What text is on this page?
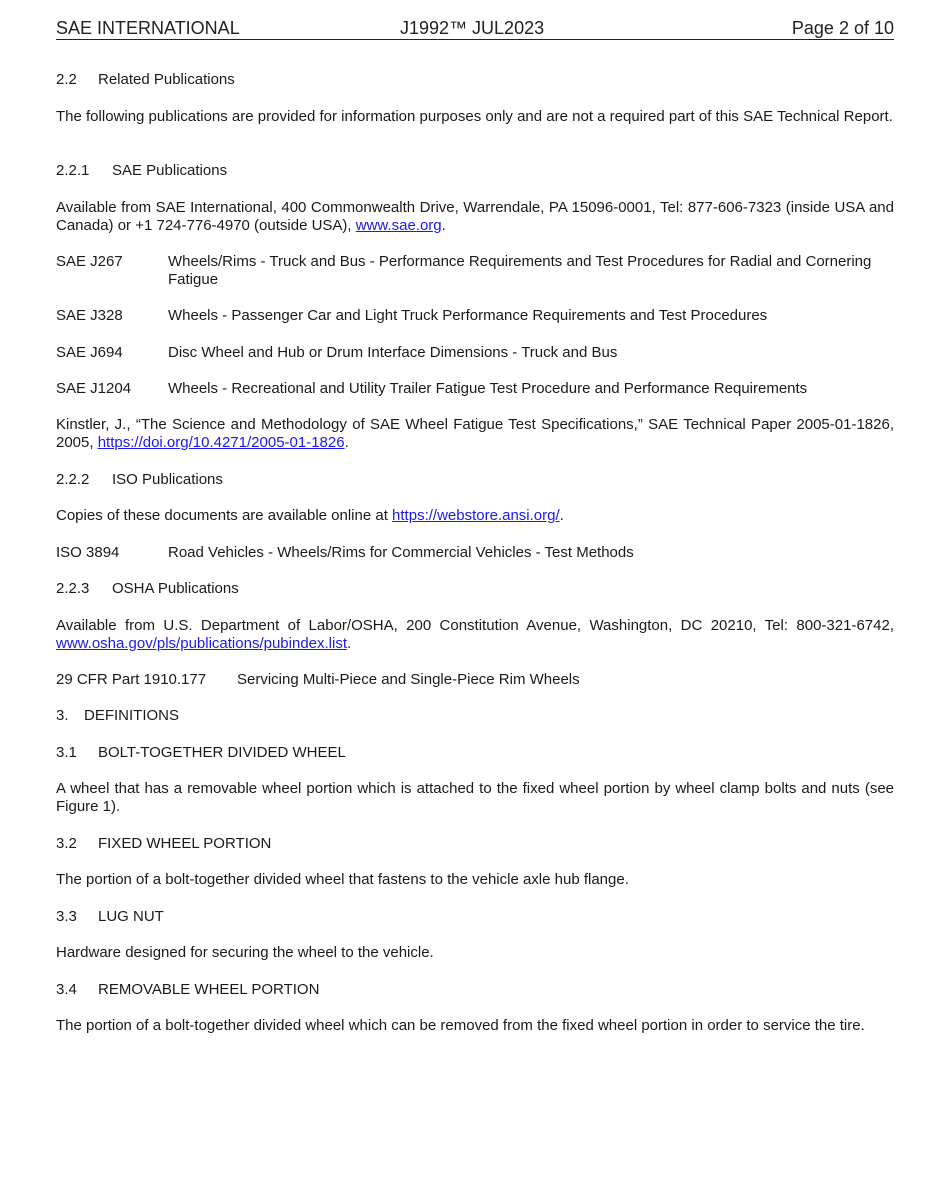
SAE INTERNATIONAL	J1992™ JUL2023	Page 2 of 10
2.2 Related Publications
The following publications are provided for information purposes only and are not a required part of this SAE Technical Report.
2.2.1 SAE Publications
Available from SAE International, 400 Commonwealth Drive, Warrendale, PA 15096-0001, Tel: 877-606-7323 (inside USA and Canada) or +1 724-776-4970 (outside USA), www.sae.org.
SAE J267	Wheels/Rims - Truck and Bus - Performance Requirements and Test Procedures for Radial and Cornering Fatigue
SAE J328	Wheels - Passenger Car and Light Truck Performance Requirements and Test Procedures
SAE J694	Disc Wheel and Hub or Drum Interface Dimensions - Truck and Bus
SAE J1204	Wheels - Recreational and Utility Trailer Fatigue Test Procedure and Performance Requirements
Kinstler, J., “The Science and Methodology of SAE Wheel Fatigue Test Specifications,” SAE Technical Paper 2005-01-1826, 2005, https://doi.org/10.4271/2005-01-1826.
2.2.2 ISO Publications
Copies of these documents are available online at https://webstore.ansi.org/.
ISO 3894	Road Vehicles - Wheels/Rims for Commercial Vehicles - Test Methods
2.2.3 OSHA Publications
Available from U.S. Department of Labor/OSHA, 200 Constitution Avenue, Washington, DC 20210, Tel: 800-321-6742, www.osha.gov/pls/publications/pubindex.list.
29 CFR Part 1910.177	Servicing Multi-Piece and Single-Piece Rim Wheels
3. DEFINITIONS
3.1 BOLT-TOGETHER DIVIDED WHEEL
A wheel that has a removable wheel portion which is attached to the fixed wheel portion by wheel clamp bolts and nuts (see Figure 1).
3.2 FIXED WHEEL PORTION
The portion of a bolt-together divided wheel that fastens to the vehicle axle hub flange.
3.3 LUG NUT
Hardware designed for securing the wheel to the vehicle.
3.4 REMOVABLE WHEEL PORTION
The portion of a bolt-together divided wheel which can be removed from the fixed wheel portion in order to service the tire.
